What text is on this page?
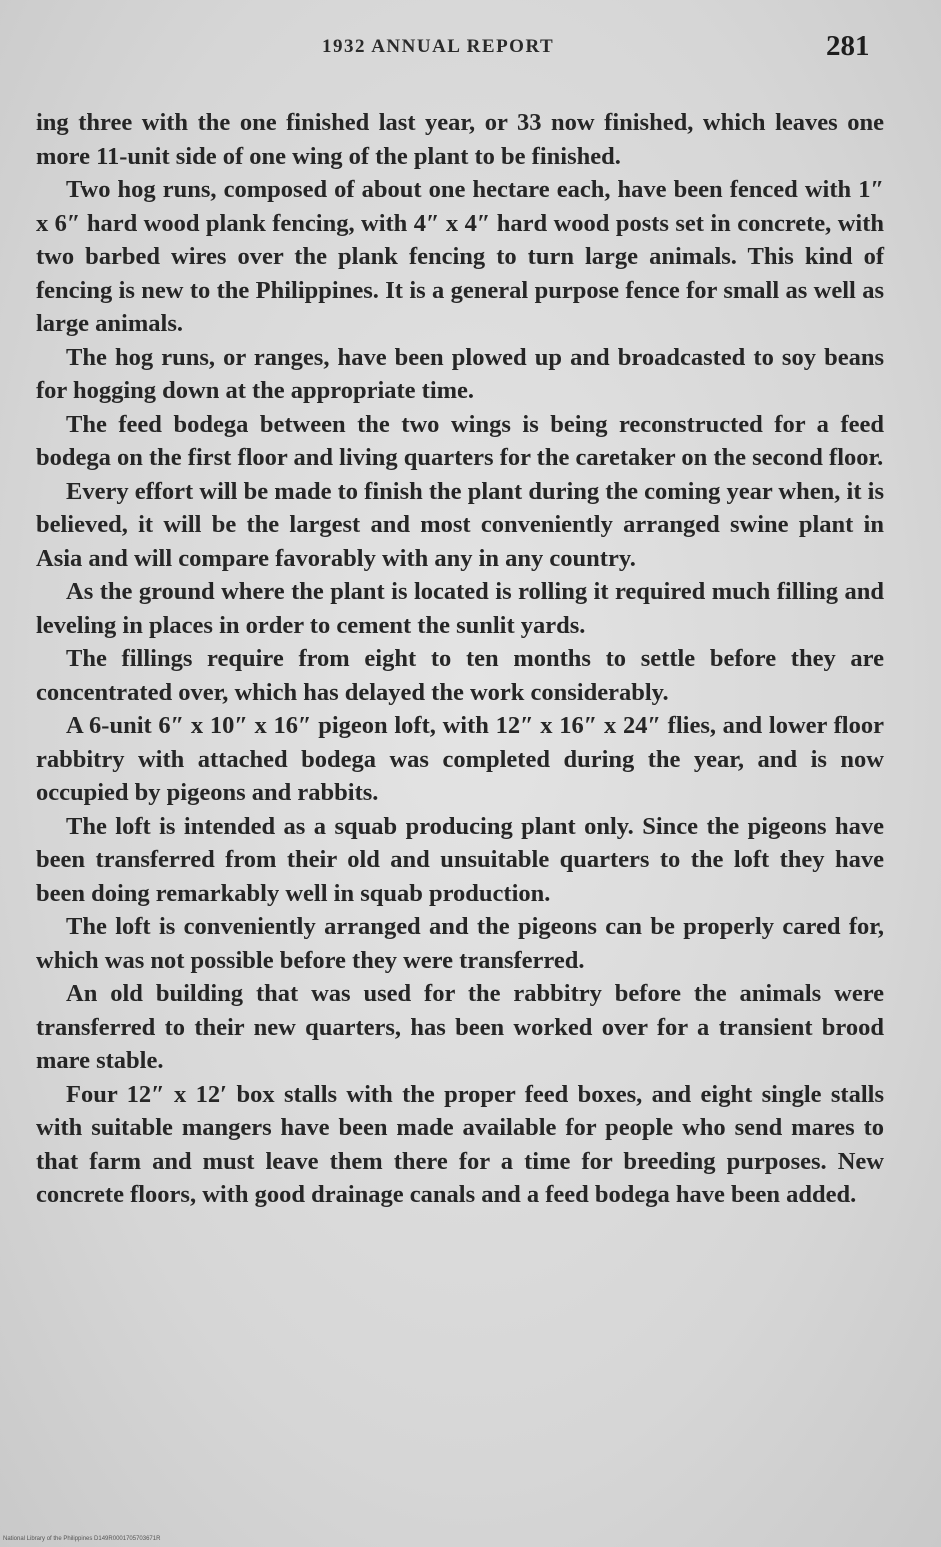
1932 ANNUAL REPORT	281

ing three with the one finished last year, or 33 now finished, which leaves one more 11-unit side of one wing of the plant to be finished.

Two hog runs, composed of about one hectare each, have been fenced with 1″ x 6″ hard wood plank fencing, with 4″ x 4″ hard wood posts set in concrete, with two barbed wires over the plank fencing to turn large animals. This kind of fencing is new to the Philippines. It is a general purpose fence for small as well as large animals.

The hog runs, or ranges, have been plowed up and broadcasted to soy beans for hogging down at the appropriate time.

The feed bodega between the two wings is being reconstructed for a feed bodega on the first floor and living quarters for the caretaker on the second floor.

Every effort will be made to finish the plant during the coming year when, it is believed, it will be the largest and most conveniently arranged swine plant in Asia and will compare favorably with any in any country.

As the ground where the plant is located is rolling it required much filling and leveling in places in order to cement the sunlit yards.

The fillings require from eight to ten months to settle before they are concentrated over, which has delayed the work considerably.

A 6-unit 6″ x 10″ x 16″ pigeon loft, with 12″ x 16″ x 24″ flies, and lower floor rabbitry with attached bodega was completed during the year, and is now occupied by pigeons and rabbits.

The loft is intended as a squab producing plant only. Since the pigeons have been transferred from their old and unsuitable quarters to the loft they have been doing remarkably well in squab production.

The loft is conveniently arranged and the pigeons can be properly cared for, which was not possible before they were transferred.

An old building that was used for the rabbitry before the animals were transferred to their new quarters, has been worked over for a transient brood mare stable.

Four 12″ x 12′ box stalls with the proper feed boxes, and eight single stalls with suitable mangers have been made available for people who send mares to that farm and must leave them there for a time for breeding purposes. New concrete floors, with good drainage canals and a feed bodega have been added.

National Library of the Philippines D149R0001705703671R
